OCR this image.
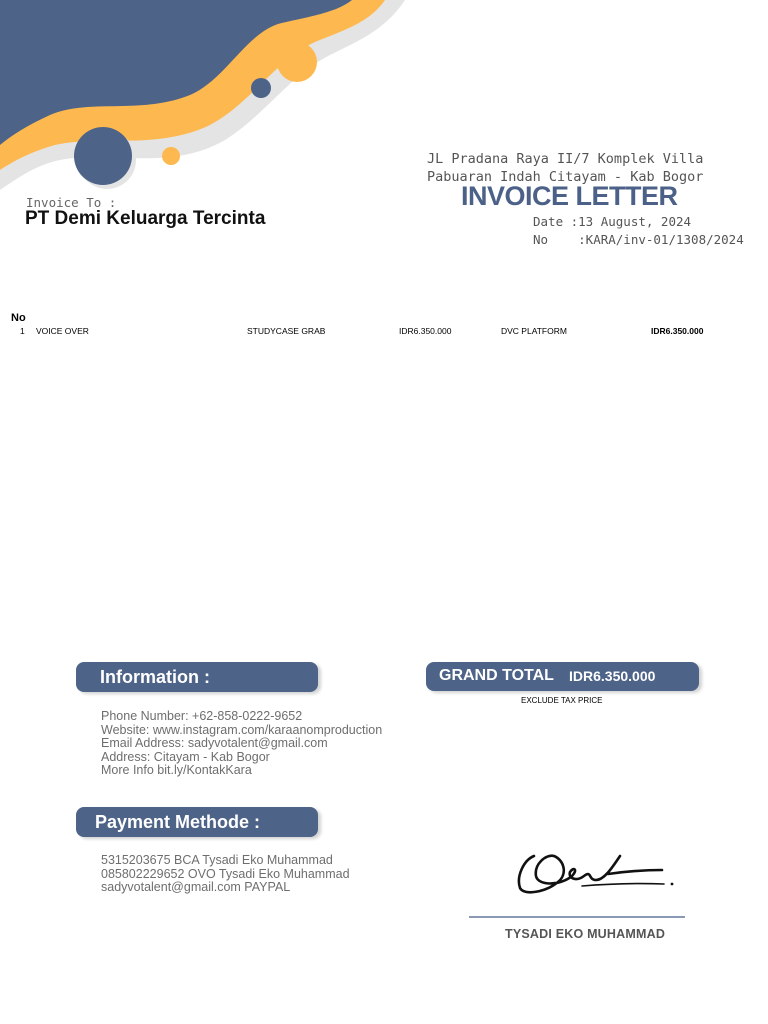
JL Pradana Raya II/7 Komplek Villa
Pabuaran Indah Citayam - Kab Bogor
Invoice To :
PT Demi Keluarga Tercinta
INVOICE LETTER
Date :13 August, 2024
No    :KARA/inv-01/1308/2024
No
1 VOICE OVER	STUDYCASE GRAB	IDR6.350.000	DVC PLATFORM	IDR6.350.000
Information :
Phone Number: +62-858-0222-9652
Website: www.instagram.com/karaanomproduction
Email Address: sadyvotalent@gmail.com
Address: Citayam - Kab Bogor
More Info bit.ly/KontakKara
GRAND TOTAL IDR6.350.000
EXCLUDE TAX PRICE
Payment Methode :
5315203675 BCA Tysadi Eko Muhammad
085802229652 OVO Tysadi Eko Muhammad
sadyvotalent@gmail.com PAYPAL
TYSADI EKO MUHAMMAD
